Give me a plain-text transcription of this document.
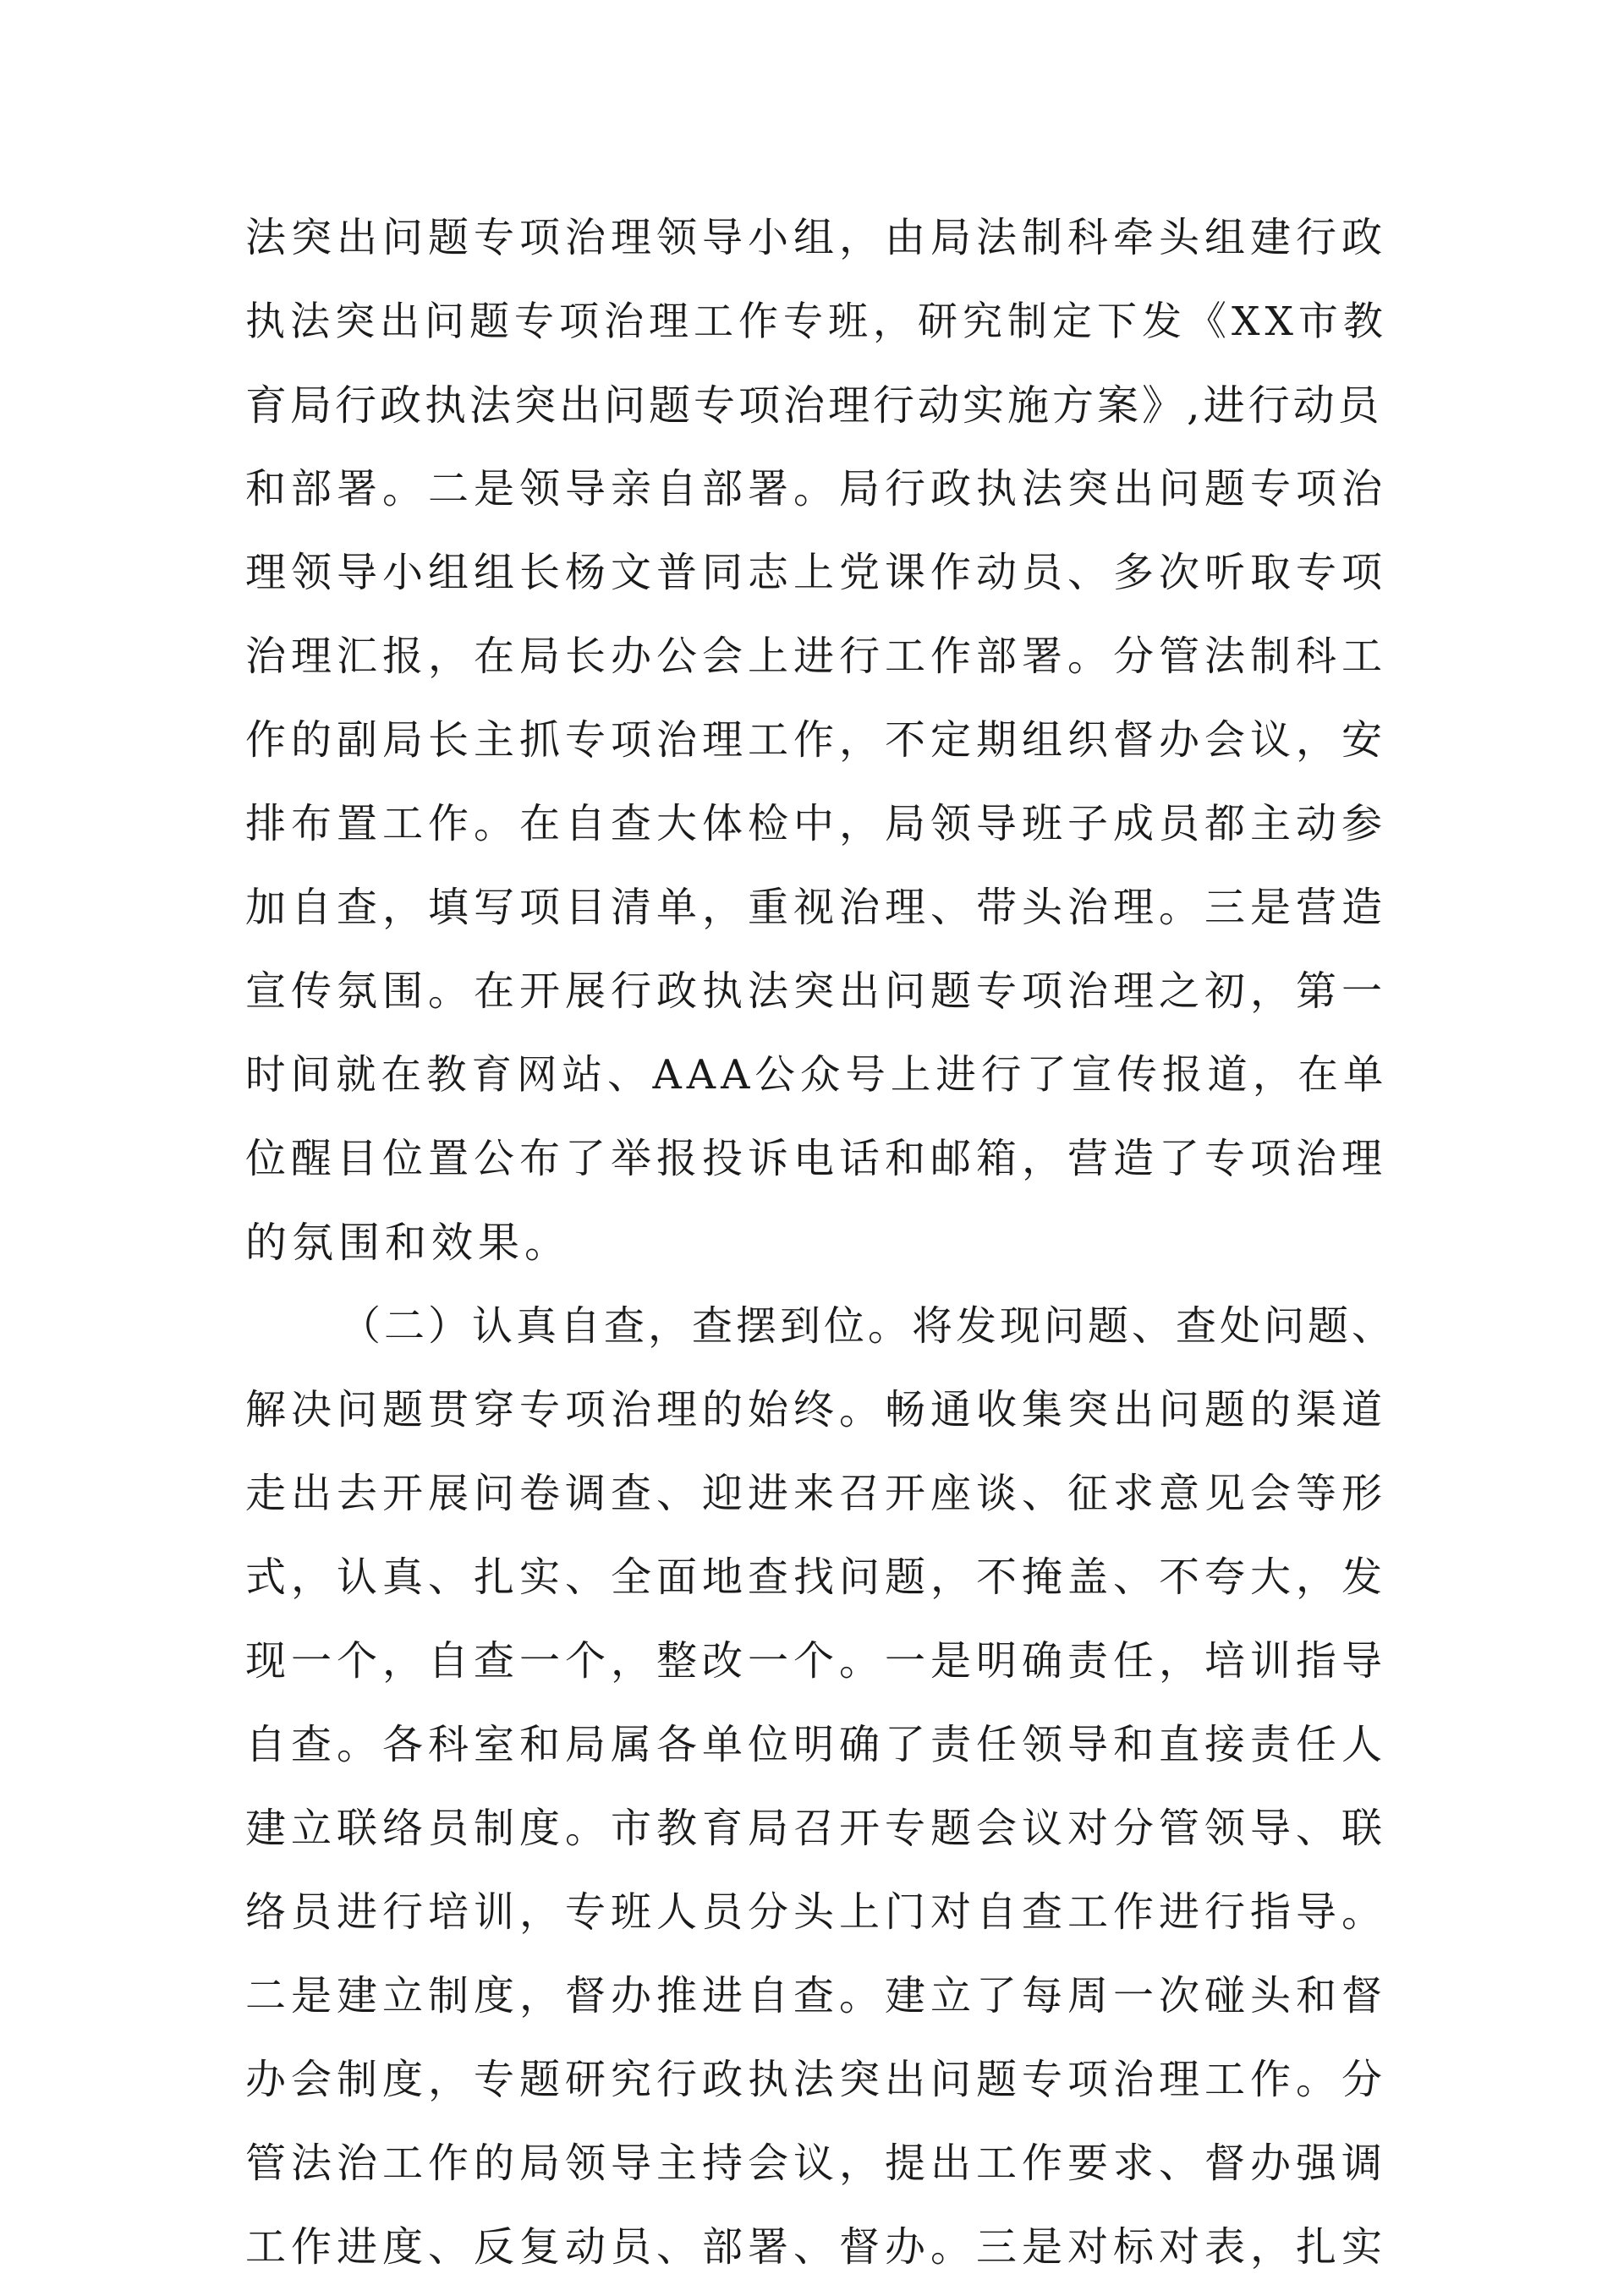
法突出问题专项治理领导小组，由局法制科牵头组建行政
执法突出问题专项治理工作专班，研究制定下发《XX市教
育局行政执法突出问题专项治理行动实施方案》,进行动员
和部署。二是领导亲自部署。局行政执法突出问题专项治
理领导小组组长杨文普同志上党课作动员、多次听取专项
治理汇报，在局长办公会上进行工作部署。分管法制科工
作的副局长主抓专项治理工作，不定期组织督办会议，安
排布置工作。在自查大体检中，局领导班子成员都主动参
加自查，填写项目清单，重视治理、带头治理。三是营造
宣传氛围。在开展行政执法突出问题专项治理之初，第一
时间就在教育网站、AAA公众号上进行了宣传报道，在单
位醒目位置公布了举报投诉电话和邮箱，营造了专项治理
的氛围和效果。
（二）认真自查，查摆到位。将发现问题、查处问题、
解决问题贯穿专项治理的始终。畅通收集突出问题的渠道
走出去开展问卷调查、迎进来召开座谈、征求意见会等形
式，认真、扎实、全面地查找问题，不掩盖、不夸大，发
现一个，自查一个，整改一个。一是明确责任，培训指导
自查。各科室和局属各单位明确了责任领导和直接责任人
建立联络员制度。市教育局召开专题会议对分管领导、联
络员进行培训，专班人员分头上门对自查工作进行指导。
二是建立制度，督办推进自查。建立了每周一次碰头和督
办会制度，专题研究行政执法突出问题专项治理工作。分
管法治工作的局领导主持会议，提出工作要求、督办强调
工作进度、反复动员、部署、督办。三是对标对表，扎实
